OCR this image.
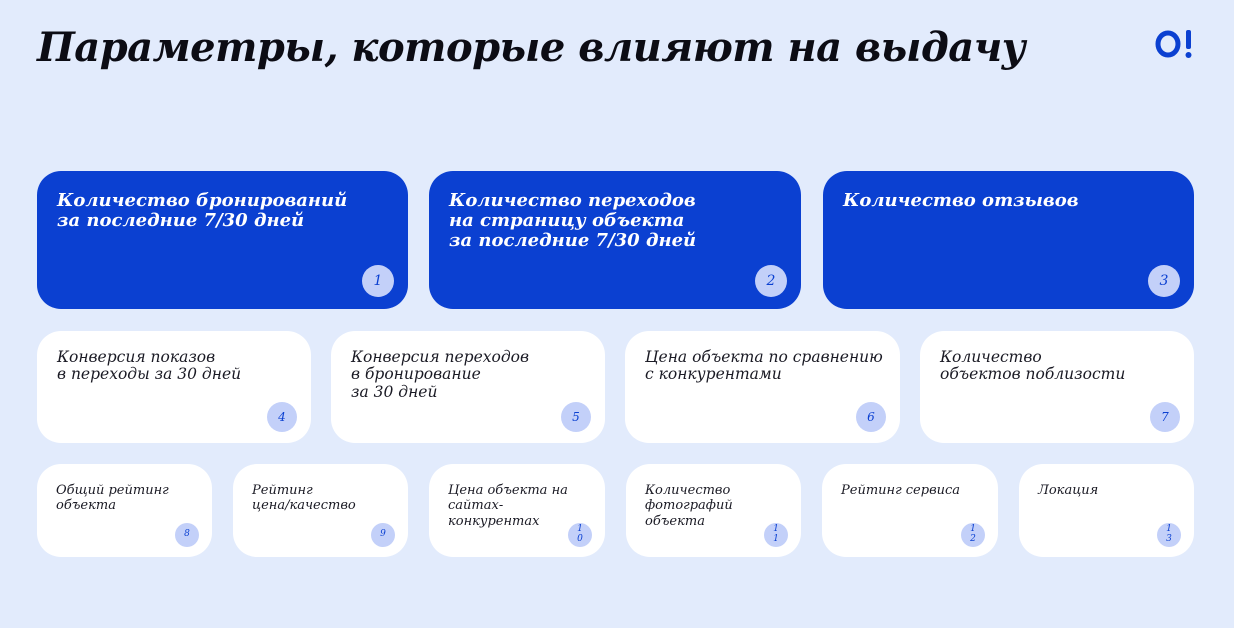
Параметры, которые влияют на выдачу
Количество бронирований
за последние 7/30 дней
1
Количество переходов
на страницу объекта
за последние 7/30 дней
2
Количество отзывов
3
Конверсия показов
в переходы за 30 дней
4
Конверсия переходов
в бронирование
за 30 дней
5
Цена объекта по сравнению
с конкурентами
6
Количество
объектов поблизости
7
Общий рейтинг
объекта
8
Рейтинг
цена/качество
9
Цена объекта на
сайтах-
конкурентах
1
0
Количество
фотографий
объекта
1
1
Рейтинг сервиса
1
2
Локация
1
3
